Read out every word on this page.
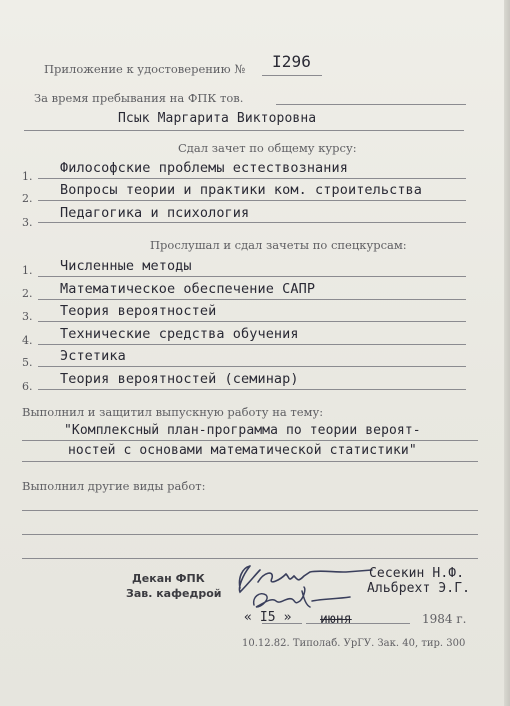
Приложение к удостоверению № I296
За время пребывания на ФПК тов.
Псык Маргарита Викторовна
Сдал зачет по общему курсу:
1.
Философские проблемы естествознания
2.
Вопросы теории и практики ком. строительства
3.
Педагогика и психология
Прослушал и сдал зачеты по спецкурсам:
1. Численные методы
2. Математическое обеспечение САПР
3. Теория вероятностей
4. Технические средства обучения
5. Эстетика
6. Теория вероятностей (семинар)
Выполнил и защитил выпускную работу на тему:
"Комплексный план-программа по теории вероят-
ностей с основами математической статистики"
Выполнил другие виды работ:
Декан ФПК
Зав. кафедрой
Сесекин Н.Ф.
Альбрехт Э.Г.
« I5 » июня	1984 г.
10.12.82. Типолаб. УрГУ. Зак. 40, тир. 300
